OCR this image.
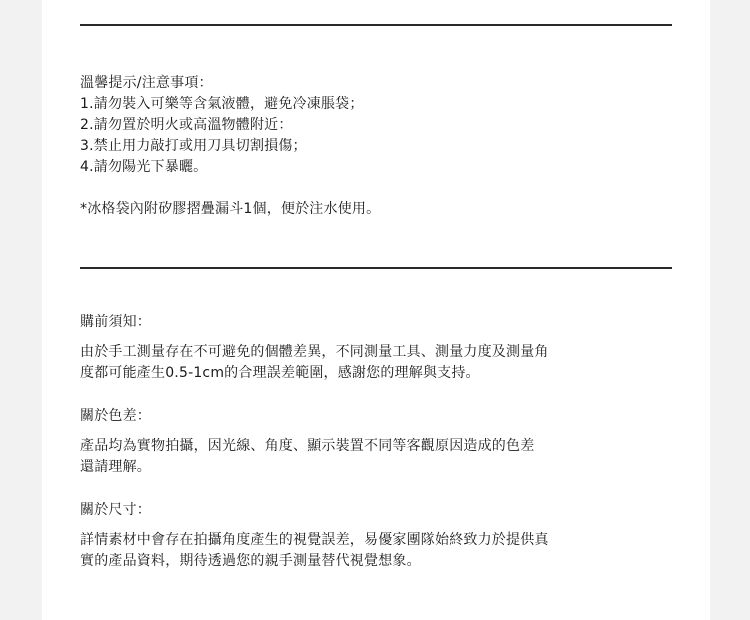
溫馨提示/注意事項：
1.請勿裝入可樂等含氣液體，避免冷凍脹袋；
2.請勿置於明火或高溫物體附近：
3.禁止用力敲打或用刀具切割損傷；
4.請勿陽光下暴曬。
*冰格袋內附矽膠摺疊漏斗1個，便於注水使用。
購前須知：
由於手工測量存在不可避免的個體差異，不同測量工具、測量力度及測量角
度都可能產生0.5-1cm的合理誤差範圍，感謝您的理解與支持。
關於色差：
產品均為實物拍攝，因光線、角度、顯示裝置不同等客觀原因造成的色差
還請理解。
關於尺寸：
詳情素材中會存在拍攝角度產生的視覺誤差，易優家團隊始終致力於提供真
實的產品資料，期待透過您的親手測量替代視覺想象。
